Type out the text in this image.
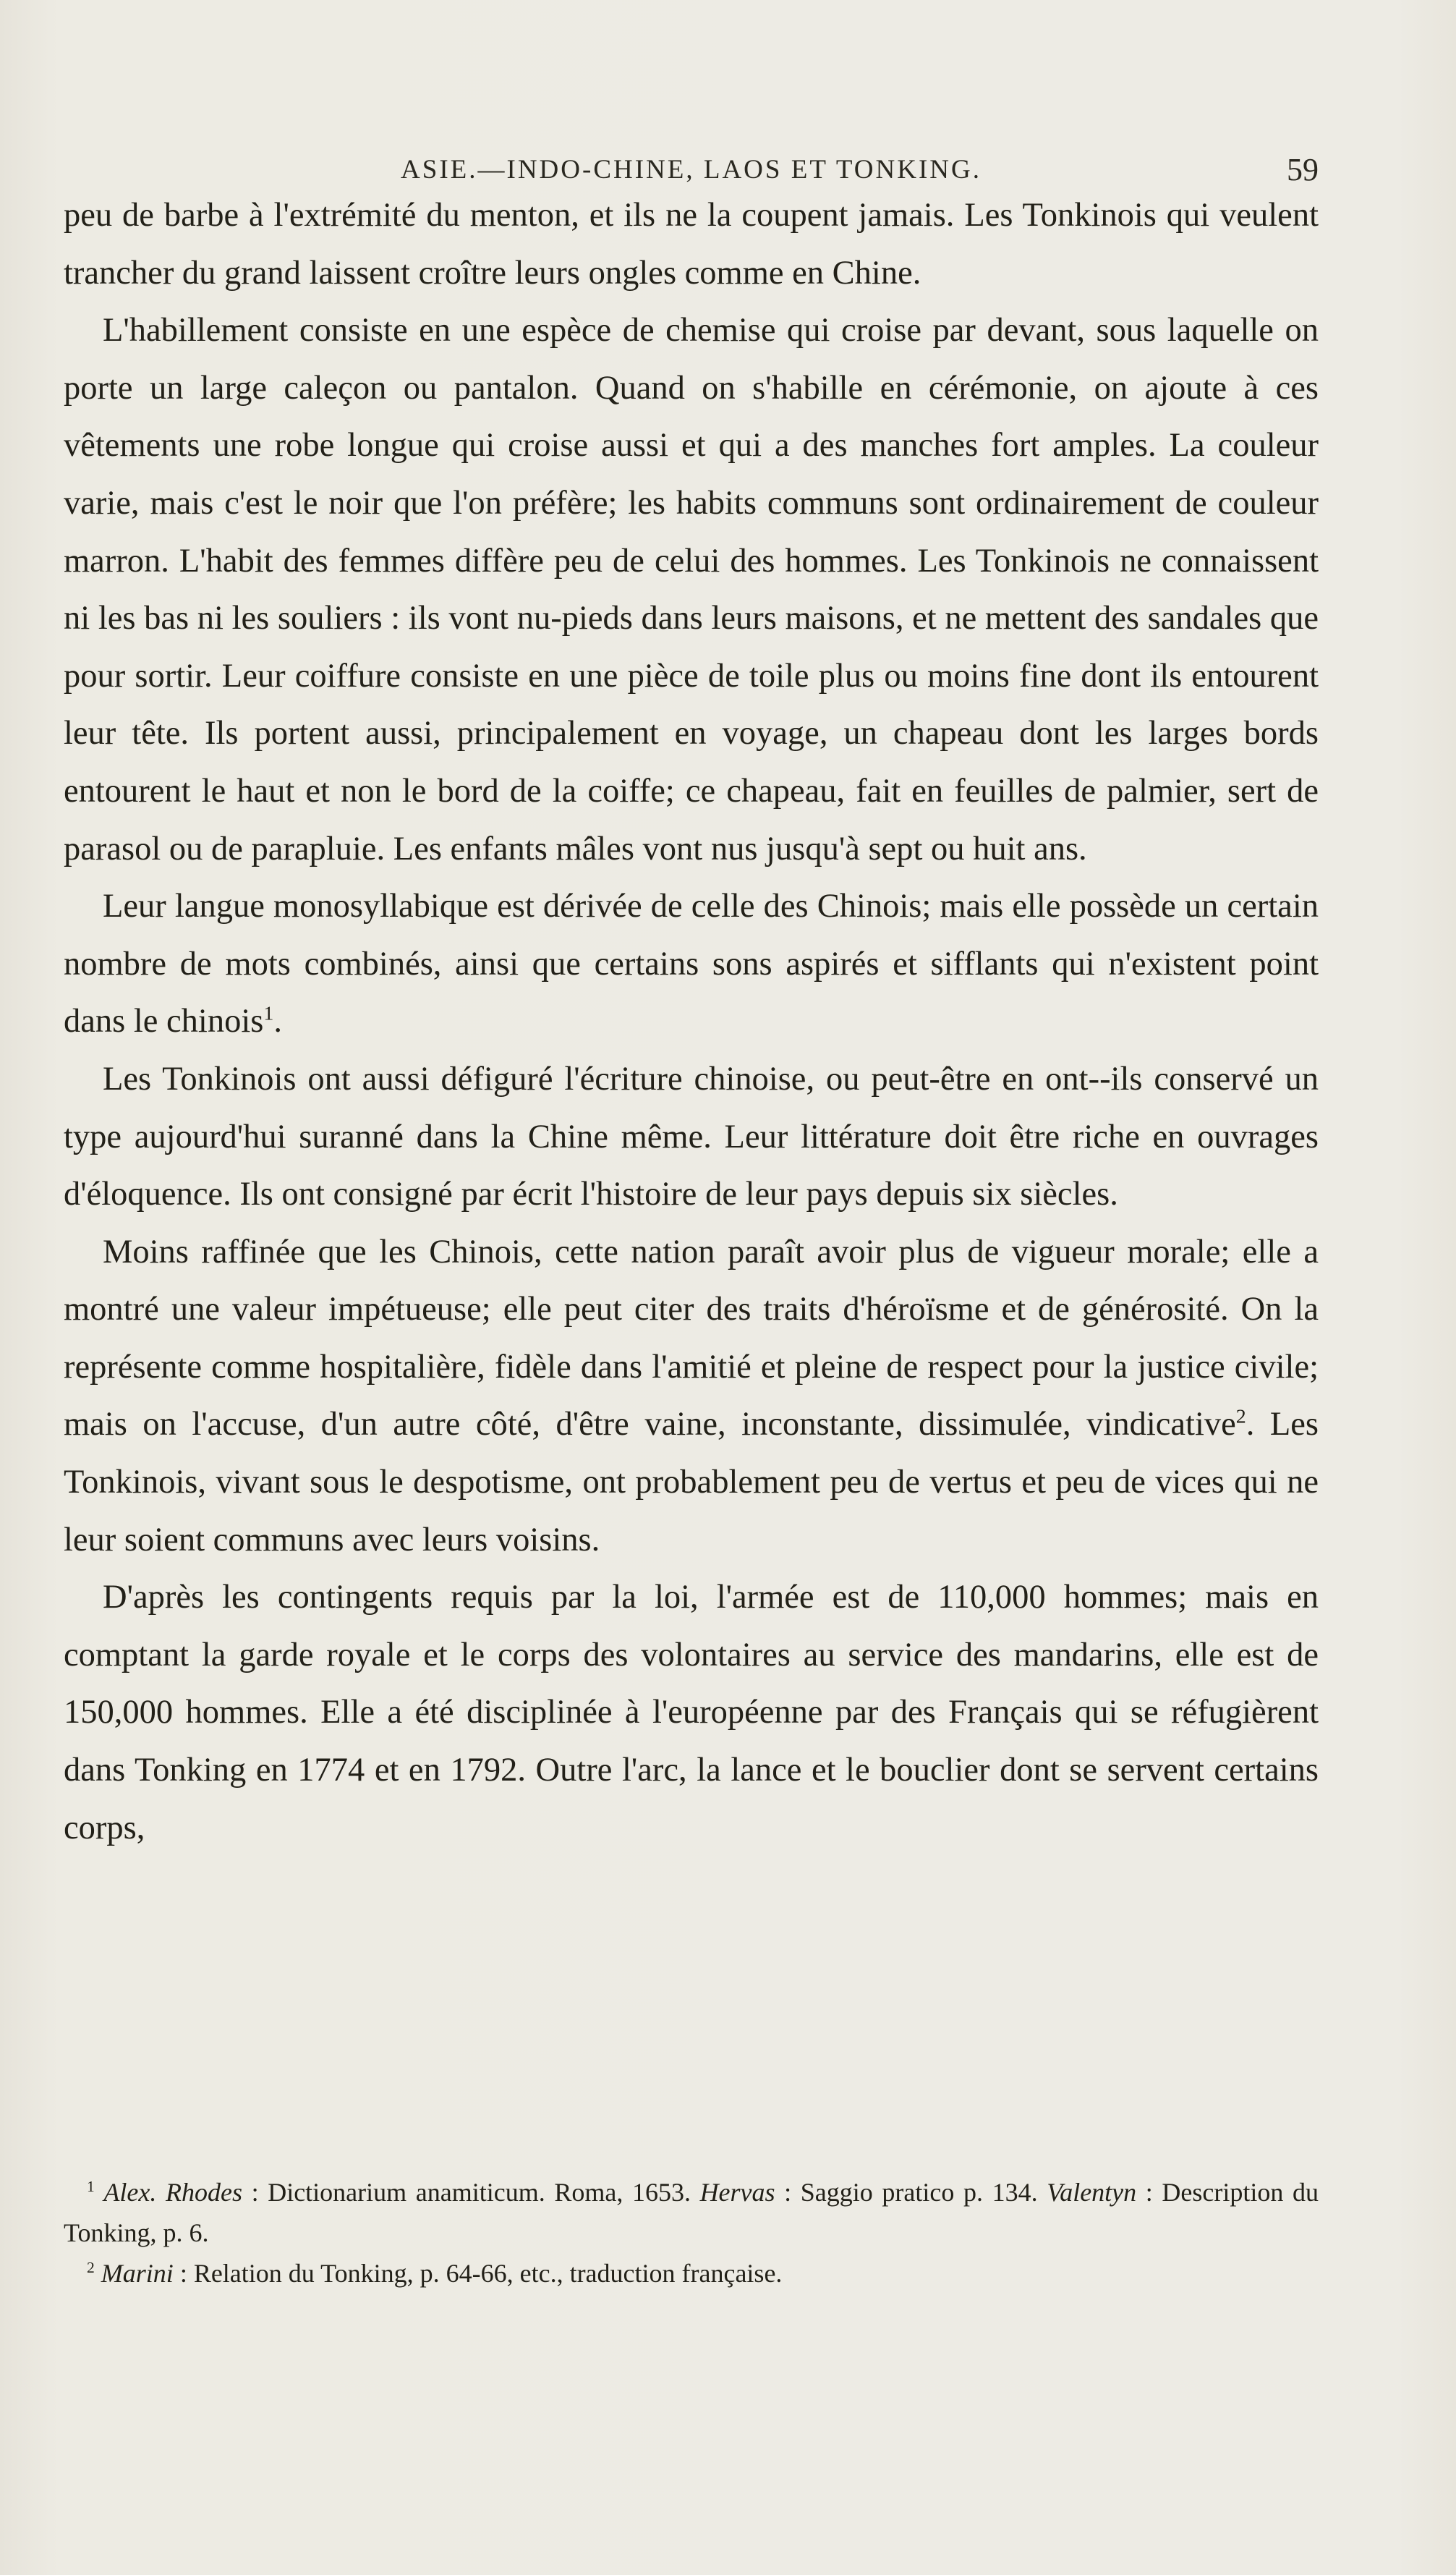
ASIE.—INDO-CHINE, LAOS ET TONKING.	59

peu de barbe à l'extrémité du menton, et ils ne la coupent jamais. Les Tonkinois qui veulent trancher du grand laissent croître leurs ongles comme en Chine.

L'habillement consiste en une espèce de chemise qui croise par devant, sous laquelle on porte un large caleçon ou pantalon. Quand on s'habille en cérémonie, on ajoute à ces vêtements une robe longue qui croise aussi et qui a des manches fort amples. La couleur varie, mais c'est le noir que l'on préfère; les habits communs sont ordinairement de couleur marron. L'habit des femmes diffère peu de celui des hommes. Les Tonkinois ne connaissent ni les bas ni les souliers : ils vont nu-pieds dans leurs maisons, et ne mettent des sandales que pour sortir. Leur coiffure consiste en une pièce de toile plus ou moins fine dont ils entourent leur tête. Ils portent aussi, principalement en voyage, un chapeau dont les larges bords entourent le haut et non le bord de la coiffe; ce chapeau, fait en feuilles de palmier, sert de parasol ou de parapluie. Les enfants mâles vont nus jusqu'à sept ou huit ans.

Leur langue monosyllabique est dérivée de celle des Chinois; mais elle possède un certain nombre de mots combinés, ainsi que certains sons aspirés et sifflants qui n'existent point dans le chinois$^1$.

Les Tonkinois ont aussi défiguré l'écriture chinoise, ou peut-être en ont--ils conservé un type aujourd'hui suranné dans la Chine même. Leur littérature doit être riche en ouvrages d'éloquence. Ils ont consigné par écrit l'histoire de leur pays depuis six siècles.

Moins raffinée que les Chinois, cette nation paraît avoir plus de vigueur morale; elle a montré une valeur impétueuse; elle peut citer des traits d'héroïsme et de générosité. On la représente comme hospitalière, fidèle dans l'amitié et pleine de respect pour la justice civile; mais on l'accuse, d'un autre côté, d'être vaine, inconstante, dissimulée, vindicative$^2$. Les Tonkinois, vivant sous le despotisme, ont probablement peu de vertus et peu de vices qui ne leur soient communs avec leurs voisins.

D'après les contingents requis par la loi, l'armée est de 110,000 hommes; mais en comptant la garde royale et le corps des volontaires au service des mandarins, elle est de 150,000 hommes. Elle a été disciplinée à l'européenne par des Français qui se réfugièrent dans Tonking en 1774 et en 1792. Outre l'arc, la lance et le bouclier dont se servent certains corps,

$^1$ Alex. Rhodes : Dictionarium anamiticum. Roma, 1653. Hervas : Saggio pratico p. 134. Valentyn : Description du Tonking, p. 6.

$^2$ Marini : Relation du Tonking, p. 64-66, etc., traduction française.
